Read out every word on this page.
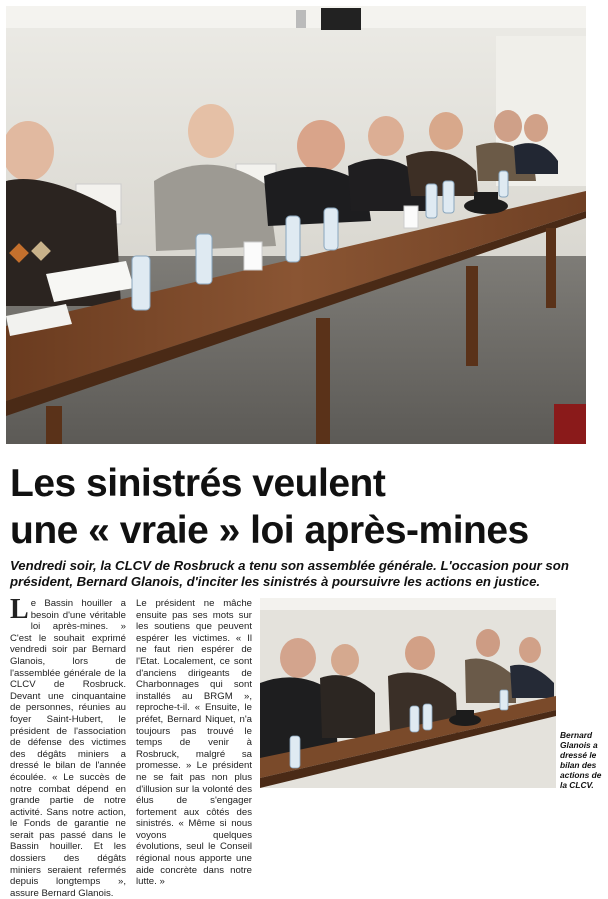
Les sinistrés veulent
une « vraie » loi après-mines

Vendredi soir, la CLCV de Rosbruck a tenu son assemblée générale. L'occasion pour son président, Bernard Glanois, d'inciter les sinistrés à poursuivre les actions en justice.

Le Bassin houiller a besoin d'une véritable loi après-mines. » C'est le souhait exprimé vendredi soir par Bernard Glanois, lors de l'assemblée générale de la CLCV de Rosbruck. Devant une cinquantaine de personnes, réunies au foyer Saint-Hubert, le président de l'association de défense des victimes des dégâts miniers a dressé le bilan de l'année écoulée. « Le succès de notre combat dépend en grande partie de notre activité. Sans notre action, le Fonds de garantie ne serait pas passé dans le Bassin houiller. Et les dossiers des dégâts miniers seraient refermés depuis longtemps », assure Bernard Glanois.

Le président ne mâche ensuite pas ses mots sur les soutiens que peuvent espérer les victimes. « Il ne faut rien espérer de l'Etat. Localement, ce sont d'anciens dirigeants de Charbonnages qui sont installés au BRGM », reproche-t-il. « Ensuite, le préfet, Bernard Niquet, n'a toujours pas trouvé le temps de venir à Rosbruck, malgré sa promesse. » Le président ne se fait pas non plus d'illusion sur la volonté des élus de s'engager fortement aux côtés des sinistrés. « Même si nous voyons quelques évolutions, seul le Conseil régional nous apporte une aide concrète dans notre lutte. »

Bernard Glanois a dressé le bilan des actions de la CLCV.
